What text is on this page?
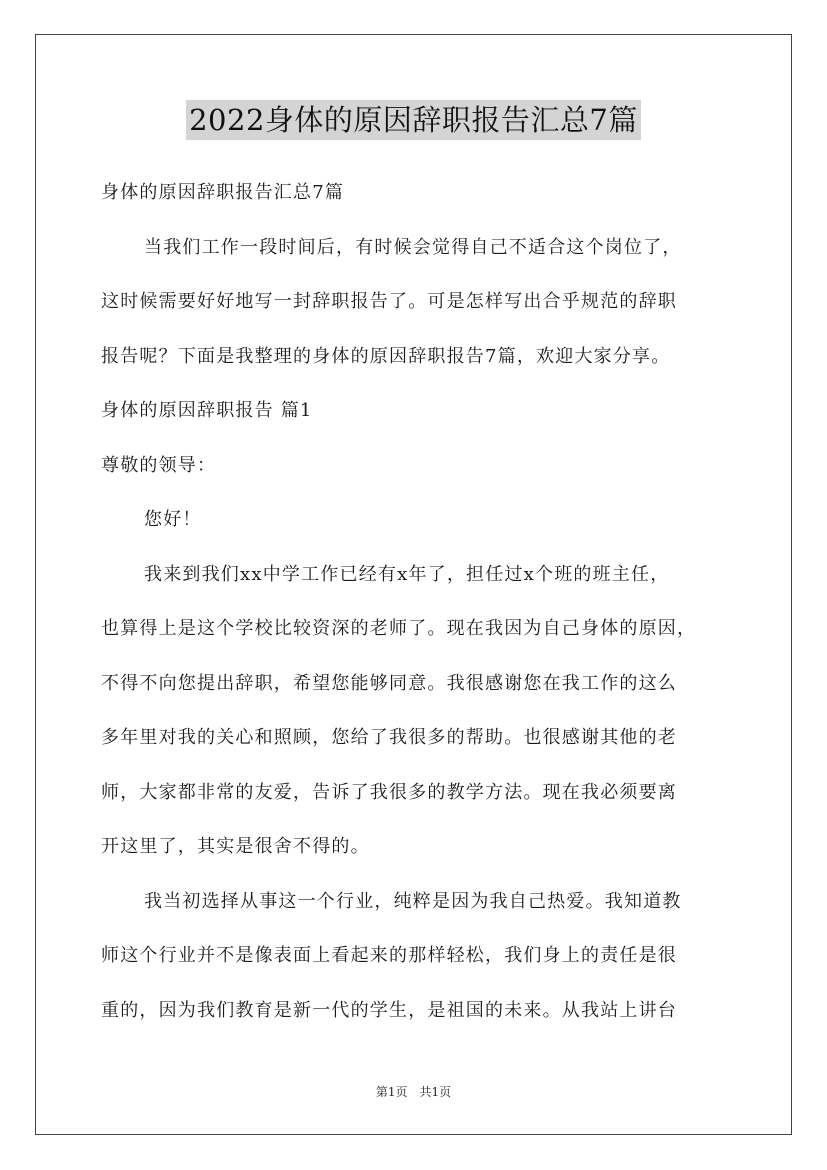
2022身体的原因辞职报告汇总7篇
身体的原因辞职报告汇总7篇
当我们工作一段时间后，有时候会觉得自己不适合这个岗位了，
这时候需要好好地写一封辞职报告了。可是怎样写出合乎规范的辞职
报告呢？下面是我整理的身体的原因辞职报告7篇，欢迎大家分享。
身体的原因辞职报告 篇1
尊敬的领导：
您好！
我来到我们xx中学工作已经有x年了，担任过x个班的班主任，
也算得上是这个学校比较资深的老师了。现在我因为自己身体的原因，
不得不向您提出辞职，希望您能够同意。我很感谢您在我工作的这么
多年里对我的关心和照顾，您给了我很多的帮助。也很感谢其他的老
师，大家都非常的友爱，告诉了我很多的教学方法。现在我必须要离
开这里了，其实是很舍不得的。
我当初选择从事这一个行业，纯粹是因为我自己热爱。我知道教
师这个行业并不是像表面上看起来的那样轻松，我们身上的责任是很
重的，因为我们教育是新一代的学生，是祖国的未来。从我站上讲台
第1页　共1页
